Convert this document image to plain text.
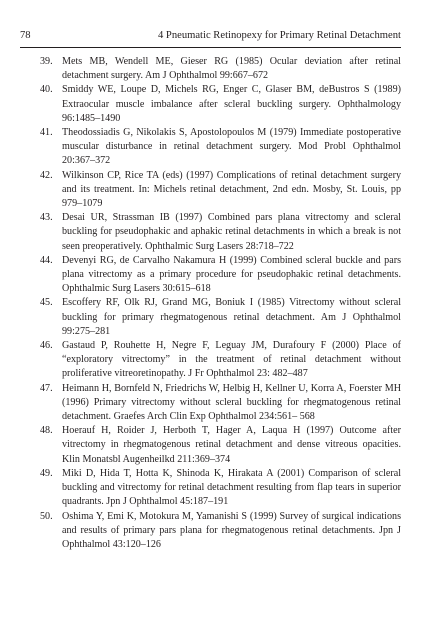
78	4 Pneumatic Retinopexy for Primary Retinal Detachment
39. Mets MB, Wendell ME, Gieser RG (1985) Ocular deviation after retinal detachment surgery. Am J Ophthalmol 99:667–672
40. Smiddy WE, Loupe D, Michels RG, Enger C, Glaser BM, deBustros S (1989) Extraocular muscle imbalance after scleral buckling surgery. Ophthalmology 96:1485–1490
41. Theodossiadis G, Nikolakis S, Apostolopoulos M (1979) Immediate postoperative muscular disturbance in retinal detachment surgery. Mod Probl Ophthalmol 20:367–372
42. Wilkinson CP, Rice TA (eds) (1997) Complications of retinal detachment surgery and its treatment. In: Michels retinal detachment, 2nd edn. Mosby, St. Louis, pp 979–1079
43. Desai UR, Strassman IB (1997) Combined pars plana vitrectomy and scleral buckling for pseudophakic and aphakic retinal detachments in which a break is not seen preoperatively. Ophthalmic Surg Lasers 28:718–722
44. Devenyi RG, de Carvalho Nakamura H (1999) Combined scleral buckle and pars plana vitrectomy as a primary procedure for pseudophakic retinal detachments. Ophthalmic Surg Lasers 30:615–618
45. Escoffery RF, Olk RJ, Grand MG, Boniuk I (1985) Vitrectomy without scleral buckling for primary rhegmatogenous retinal detachment. Am J Ophthalmol 99:275–281
46. Gastaud P, Rouhette H, Negre F, Leguay JM, Durafoury F (2000) Place of “exploratory vitrectomy” in the treatment of retinal detachment without proliferative vitreoretinopathy. J Fr Ophthalmol 23: 482–487
47. Heimann H, Bornfeld N, Friedrichs W, Helbig H, Kellner U, Korra A, Foerster MH (1996) Primary vitrectomy without scleral buckling for rhegmatogenous retinal detachment. Graefes Arch Clin Exp Ophthalmol 234:561– 568
48. Hoerauf H, Roider J, Herboth T, Hager A, Laqua H (1997) Outcome after vitrectomy in rhegmatogenous retinal detachment and dense vitreous opacities. Klin Monatsbl Augenheilkd 211:369–374
49. Miki D, Hida T, Hotta K, Shinoda K, Hirakata A (2001) Comparison of scleral buckling and vitrectomy for retinal detachment resulting from flap tears in superior quadrants. Jpn J Ophthalmol 45:187–191
50. Oshima Y, Emi K, Motokura M, Yamanishi S (1999) Survey of surgical indications and results of primary pars plana for rhegmatogenous retinal detachments. Jpn J Ophthalmol 43:120–126
